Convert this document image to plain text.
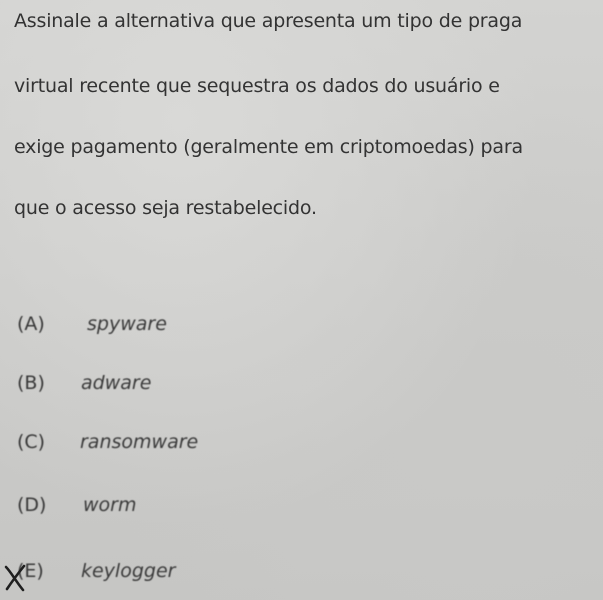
Assinale a alternativa que apresenta um tipo de praga
virtual recente que sequestra os dados do usuário e
exige pagamento (geralmente em criptomoedas) para
que o acesso seja restabelecido.
(A) spyware
(B) adware
(C) ransomware
(D) worm
(E) keylogger
